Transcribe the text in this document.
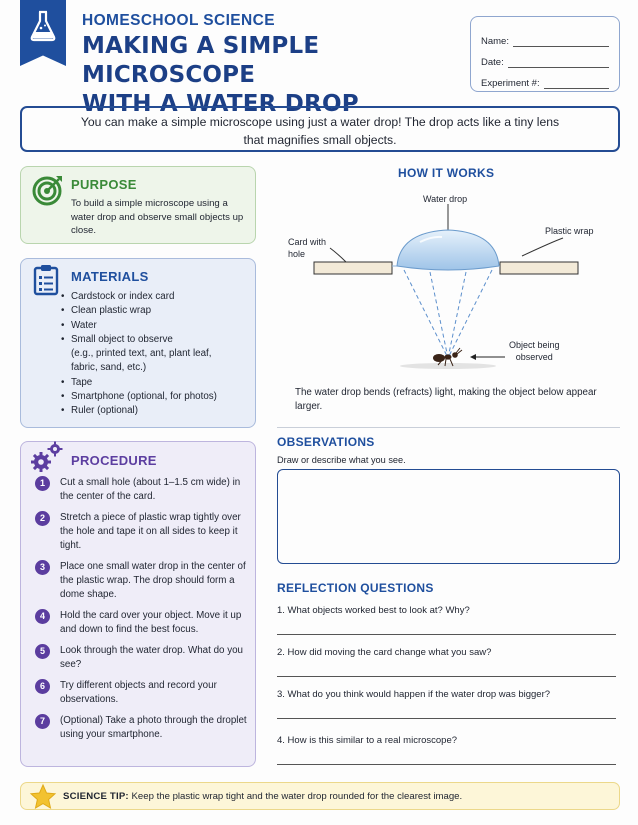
HOMESCHOOL SCIENCE
MAKING A SIMPLE MICROSCOPE
WITH A WATER DROP
Name:
Date:
Experiment #:
You can make a simple microscope using just a water drop! The drop acts like a tiny lens
that magnifies small objects.
PURPOSE
To build a simple microscope using a water drop and observe small objects up close.
MATERIALS
• Cardstock or index card
• Clean plastic wrap
• Water
• Small object to observe
(e.g., printed text, ant, plant leaf,
fabric, sand, etc.)
• Tape
• Smartphone (optional, for photos)
• Ruler (optional)
PROCEDURE
1	Cut a small hole (about 1–1.5 cm wide) in the center of the card.
2	Stretch a piece of plastic wrap tightly over the hole and tape it on all sides to keep it tight.
3	Place one small water drop in the center of the plastic wrap. The drop should form a dome shape.
4	Hold the card over your object. Move it up and down to find the best focus.
5	Look through the water drop. What do you see?
6	Try different objects and record your observations.
7	(Optional) Take a photo through the droplet using your smartphone.
HOW IT WORKS
Water drop
Card with
hole
Plastic wrap
Object being
observed
The water drop bends (refracts) light, making the object below appear larger.
OBSERVATIONS
Draw or describe what you see.
REFLECTION QUESTIONS
1. What objects worked best to look at? Why?
2. How did moving the card change what you saw?
3. What do you think would happen if the water drop was bigger?
4. How is this similar to a real microscope?
SCIENCE TIP: Keep the plastic wrap tight and the water drop rounded for the clearest image.
